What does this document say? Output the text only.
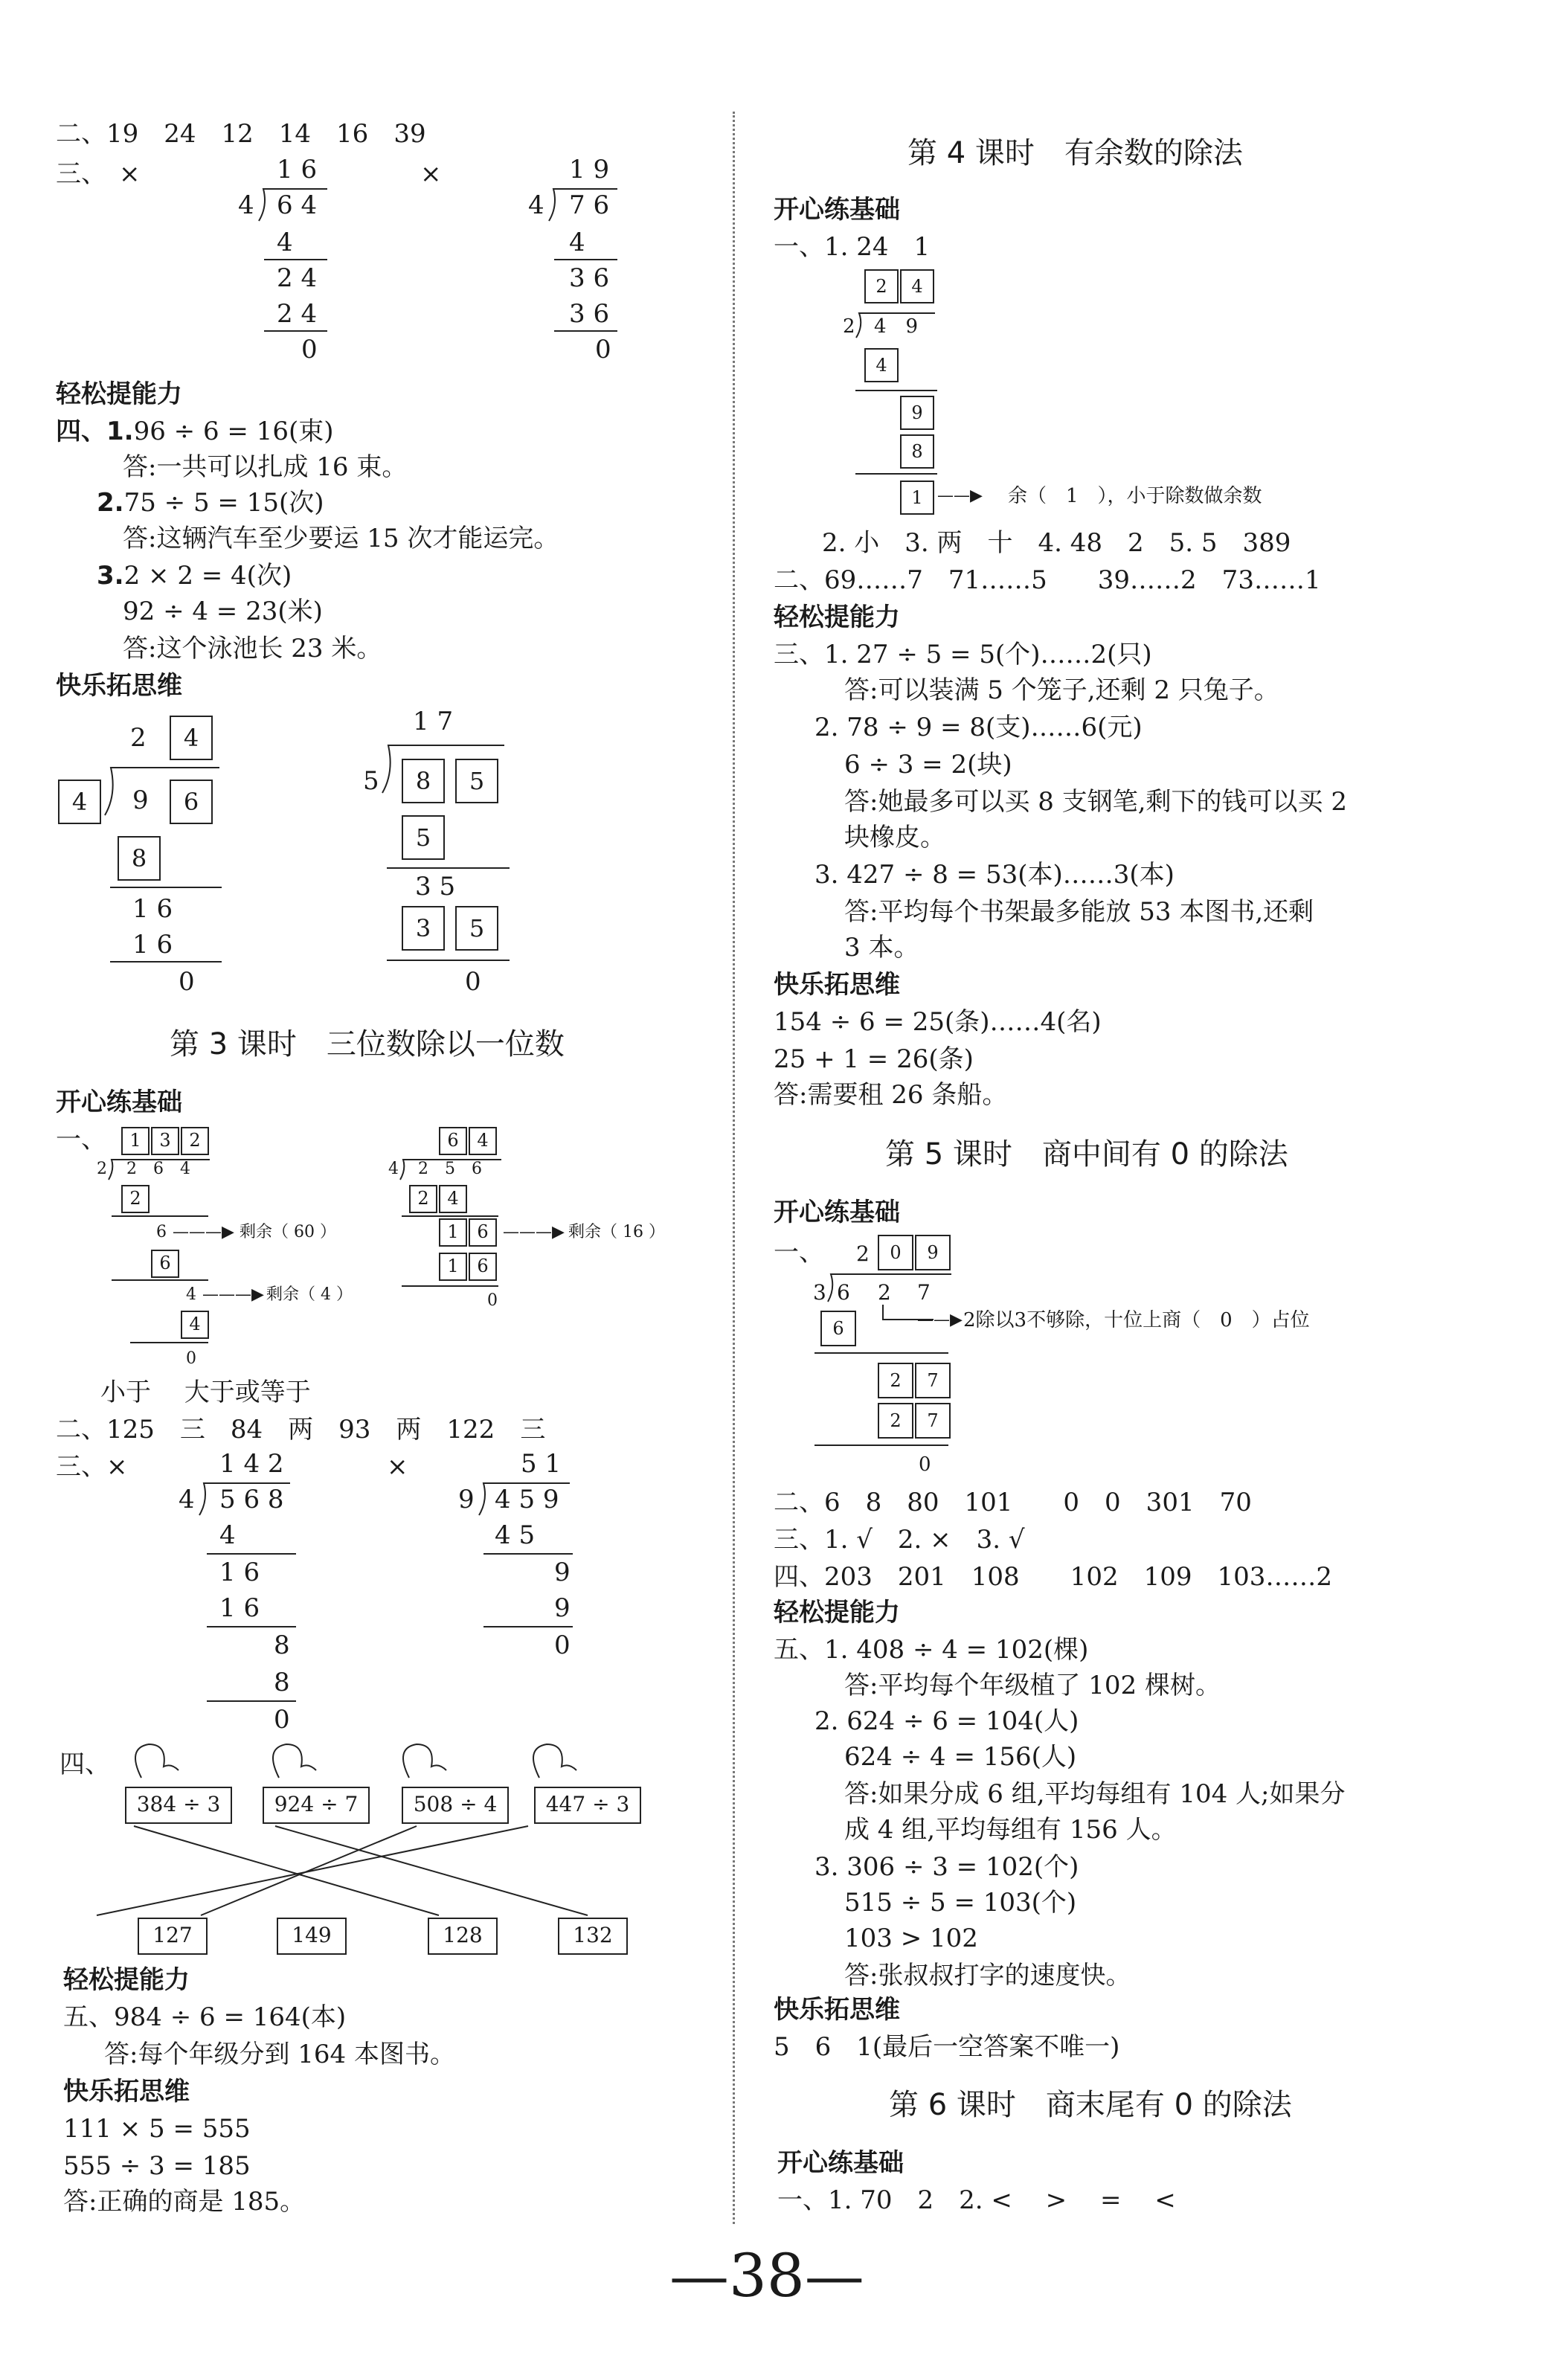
二、19　24　12　14　16　39
三、　×	×
1 6
4 6 4
4
2 4
2 4
0
1 9
4 7 6
4
3 6
3 6
0
轻松提能力
四、1.96 ÷ 6 = 16(束)
答:一共可以扎成 16 束。
2.75 ÷ 5 = 15(次)
答:这辆汽车至少要运 15 次才能运完。
3.2 × 2 = 4(次)
92 ÷ 4 = 23(米)
答:这个泳池长 23 米。
快乐拓思维
2	4
4	9	6
8
1 6
1 6
0
1 7
5	8	5
5
3 5
3	5
0
第 3 课时　三位数除以一位数
开心练基础
一、	1	3	2
2 2　6　4
2
6 ———▶ 剩余（ 60 ）
6
4 ———▶ 剩余（ 4 ）
4
0
6	4
4 2　5　6
2	4
1	6 ———▶ 剩余（ 16 ）
1	6
0
小于　 大于或等于
二、125　三　84　两　93　两　122　三
三、×	×
1 4 2
4 5 6 8
4
1 6
1 6
8
8
0
5 1
9 4 5 9
4 5
9
9
0
四、
384 ÷ 3	924 ÷ 7	508 ÷ 4	447 ÷ 3
127	149	128	132
轻松提能力
五、984 ÷ 6 = 164(本)
答:每个年级分到 164 本图书。
快乐拓思维
111 × 5 = 555
555 ÷ 3 = 185
答:正确的商是 185。
第 4 课时　有余数的除法
开心练基础
一、1. 24　1
2	4
2 4　9
4
9
8
1 ——▶ 余（　1　），小于除数做余数
2. 小　3. 两　十　4. 48　2　5. 5　389
二、69……7　71……5　　39……2　73……1
轻松提能力
三、1. 27 ÷ 5 = 5(个)……2(只)
答:可以装满 5 个笼子,还剩 2 只兔子。
2. 78 ÷ 9 = 8(支)……6(元)
6 ÷ 3 = 2(块)
答:她最多可以买 8 支钢笔,剩下的钱可以买 2
块橡皮。
3. 427 ÷ 8 = 53(本)……3(本)
答:平均每个书架最多能放 53 本图书,还剩
3 本。
快乐拓思维
154 ÷ 6 = 25(条)……4(名)
25 + 1 = 26(条)
答:需要租 26 条船。
第 5 课时　商中间有 0 的除法
开心练基础
一、 2	0	9
3 6 2 7
6	——▶ 2除以3不够除，十位上商（　0　）占位
2	7
2	7
0
二、6　8　80　101　　0　0　301　70
三、1. √　2. ×　3. √
四、203　201　108　　102　109　103……2
轻松提能力
五、1. 408 ÷ 4 = 102(棵)
答:平均每个年级植了 102 棵树。
2. 624 ÷ 6 = 104(人)
624 ÷ 4 = 156(人)
答:如果分成 6 组,平均每组有 104 人;如果分
成 4 组,平均每组有 156 人。
3. 306 ÷ 3 = 102(个)
515 ÷ 5 = 103(个)
103 > 102
答:张叔叔打字的速度快。
快乐拓思维
5　6　1(最后一空答案不唯一)
第 6 课时　商末尾有 0 的除法
开心练基础
一、1. 70　2　2. <　 >　 =　 <
—38—
